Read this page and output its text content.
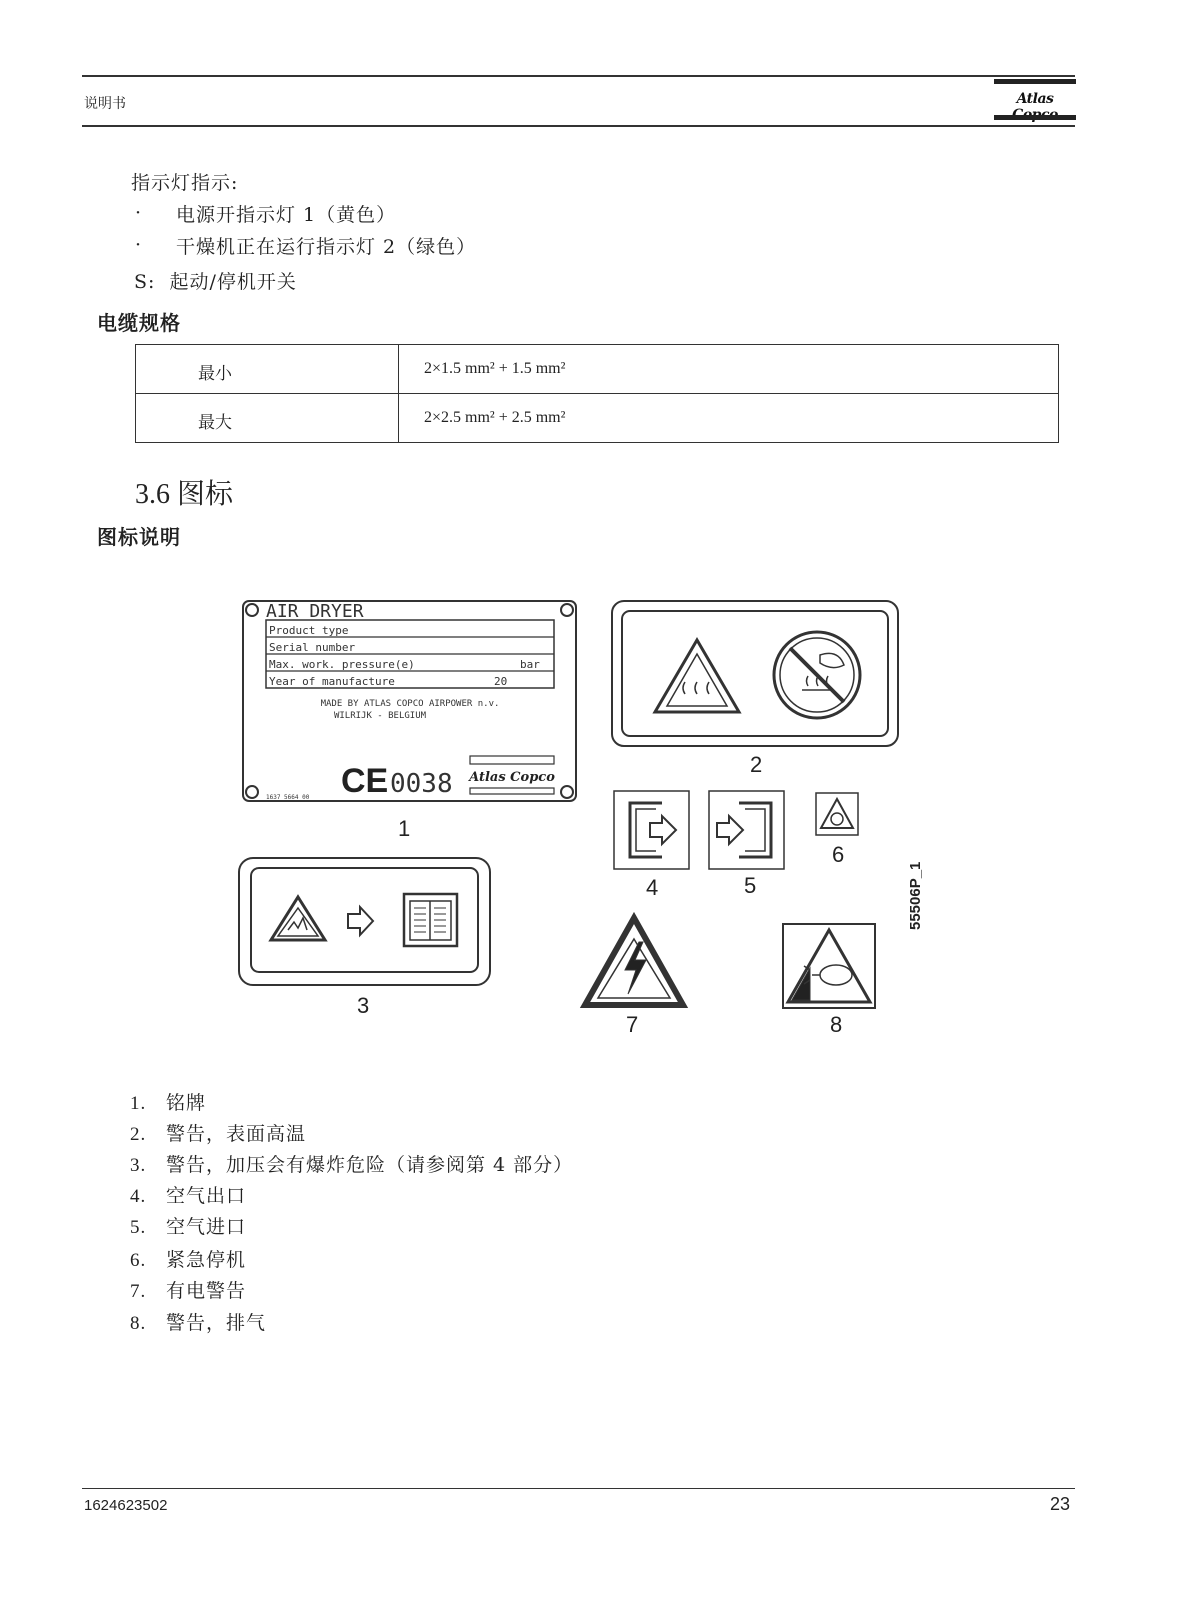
说明书	Atlas
指示灯指示:
· 电源开指示灯 1（黄色）
· 干燥机正在运行指示灯 2（绿色）
S:  起动/停机开关
电缆规格
最小	2×1.5 mm² + 1.5 mm²
最大	2×2.5 mm² + 2.5 mm²
3.6 图标
图标说明
AIR DRYER
Product type
Serial number
Max. work. pressure(e)	bar
Year of manufacture	20
MADE BY ATLAS COPCO AIRPOWER n.v.
WILRIJK - BELGIUM
CE 0038 Atlas Copco
1637 5664 00
1
2
3
4	5
6
7	8
55506P_1
1. 铭牌
2. 警告，表面高温
3. 警告，加压会有爆炸危险（请参阅第 4 部分）
4. 空气出口
5. 空气进口
6. 紧急停机
7. 有电警告
8. 警告，排气
1624623502	23
